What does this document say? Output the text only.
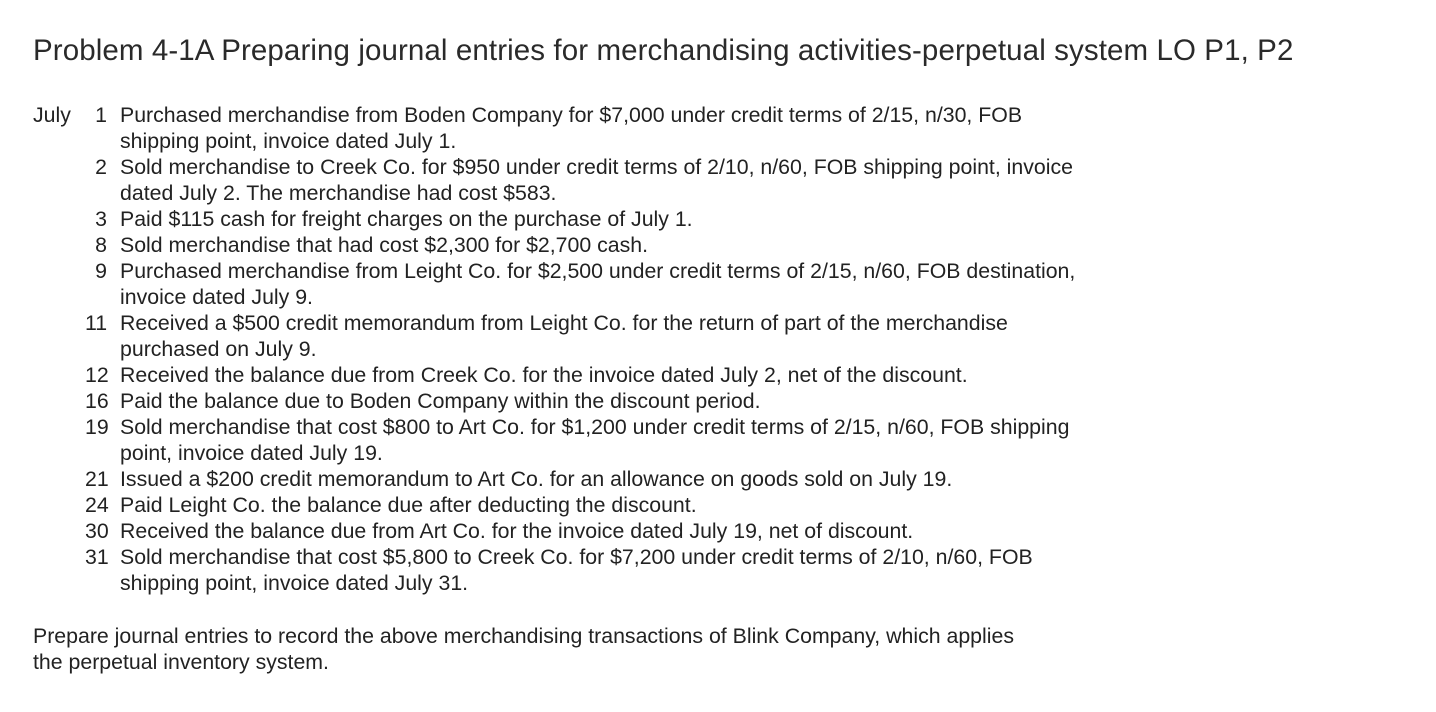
Problem 4-1A Preparing journal entries for merchandising activities-perpetual system LO P1, P2
July	1 Purchased merchandise from Boden Company for $7,000 under credit terms of 2/15, n/30, FOB
shipping point, invoice dated July 1.
2 Sold merchandise to Creek Co. for $950 under credit terms of 2/10, n/60, FOB shipping point, invoice
dated July 2. The merchandise had cost $583.
3 Paid $115 cash for freight charges on the purchase of July 1.
8 Sold merchandise that had cost $2,300 for $2,700 cash.
9 Purchased merchandise from Leight Co. for $2,500 under credit terms of 2/15, n/60, FOB destination,
invoice dated July 9.
11 Received a $500 credit memorandum from Leight Co. for the return of part of the merchandise
purchased on July 9.
12 Received the balance due from Creek Co. for the invoice dated July 2, net of the discount.
16 Paid the balance due to Boden Company within the discount period.
19 Sold merchandise that cost $800 to Art Co. for $1,200 under credit terms of 2/15, n/60, FOB shipping
point, invoice dated July 19.
21 Issued a $200 credit memorandum to Art Co. for an allowance on goods sold on July 19.
24 Paid Leight Co. the balance due after deducting the discount.
30 Received the balance due from Art Co. for the invoice dated July 19, net of discount.
31 Sold merchandise that cost $5,800 to Creek Co. for $7,200 under credit terms of 2/10, n/60, FOB
shipping point, invoice dated July 31.

Prepare journal entries to record the above merchandising transactions of Blink Company, which applies
the perpetual inventory system.
